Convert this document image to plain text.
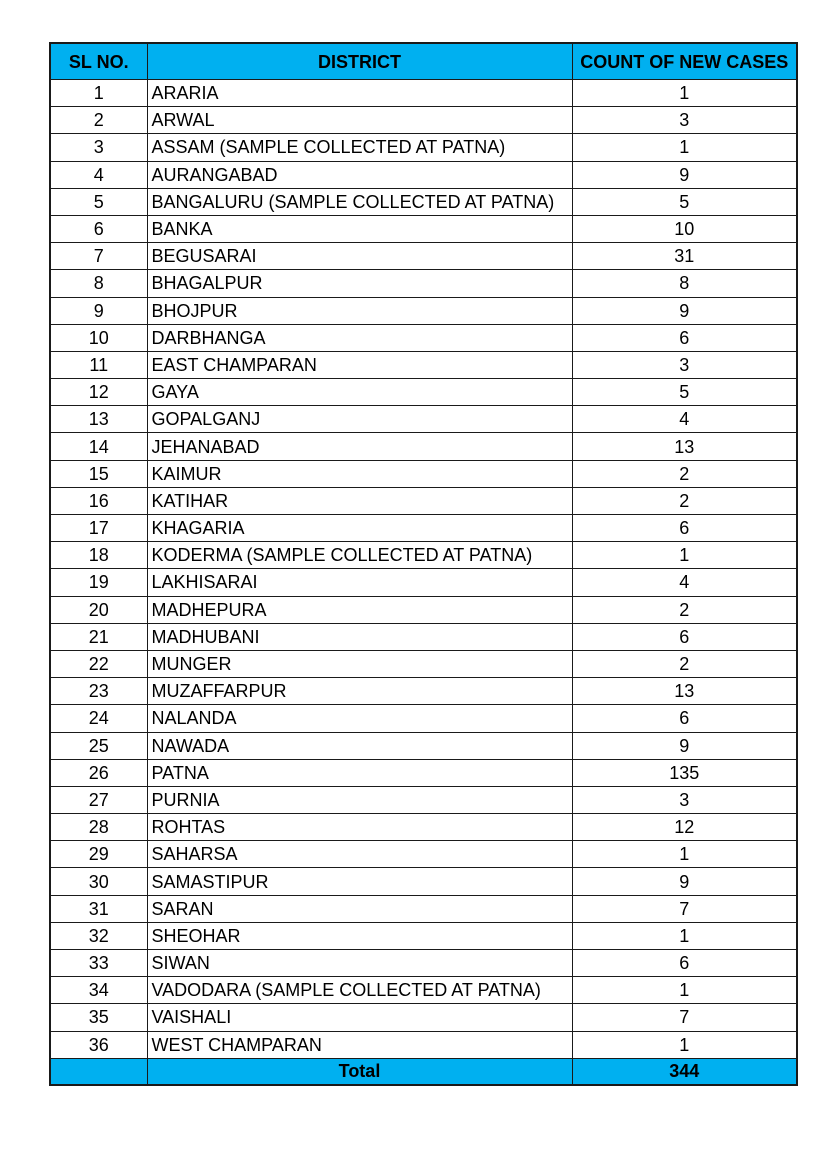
SL NO.	DISTRICT	COUNT OF NEW CASES
1	ARARIA	1
2	ARWAL	3
3	ASSAM (SAMPLE COLLECTED AT PATNA)	1
4	AURANGABAD	9
5	BANGALURU (SAMPLE COLLECTED AT PATNA)	5
6	BANKA	10
7	BEGUSARAI	31
8	BHAGALPUR	8
9	BHOJPUR	9
10	DARBHANGA	6
11	EAST CHAMPARAN	3
12	GAYA	5
13	GOPALGANJ	4
14	JEHANABAD	13
15	KAIMUR	2
16	KATIHAR	2
17	KHAGARIA	6
18	KODERMA (SAMPLE COLLECTED AT PATNA)	1
19	LAKHISARAI	4
20	MADHEPURA	2
21	MADHUBANI	6
22	MUNGER	2
23	MUZAFFARPUR	13
24	NALANDA	6
25	NAWADA	9
26	PATNA	135
27	PURNIA	3
28	ROHTAS	12
29	SAHARSA	1
30	SAMASTIPUR	9
31	SARAN	7
32	SHEOHAR	1
33	SIWAN	6
34	VADODARA (SAMPLE COLLECTED AT PATNA)	1
35	VAISHALI	7
36	WEST CHAMPARAN	1
	Total	344
